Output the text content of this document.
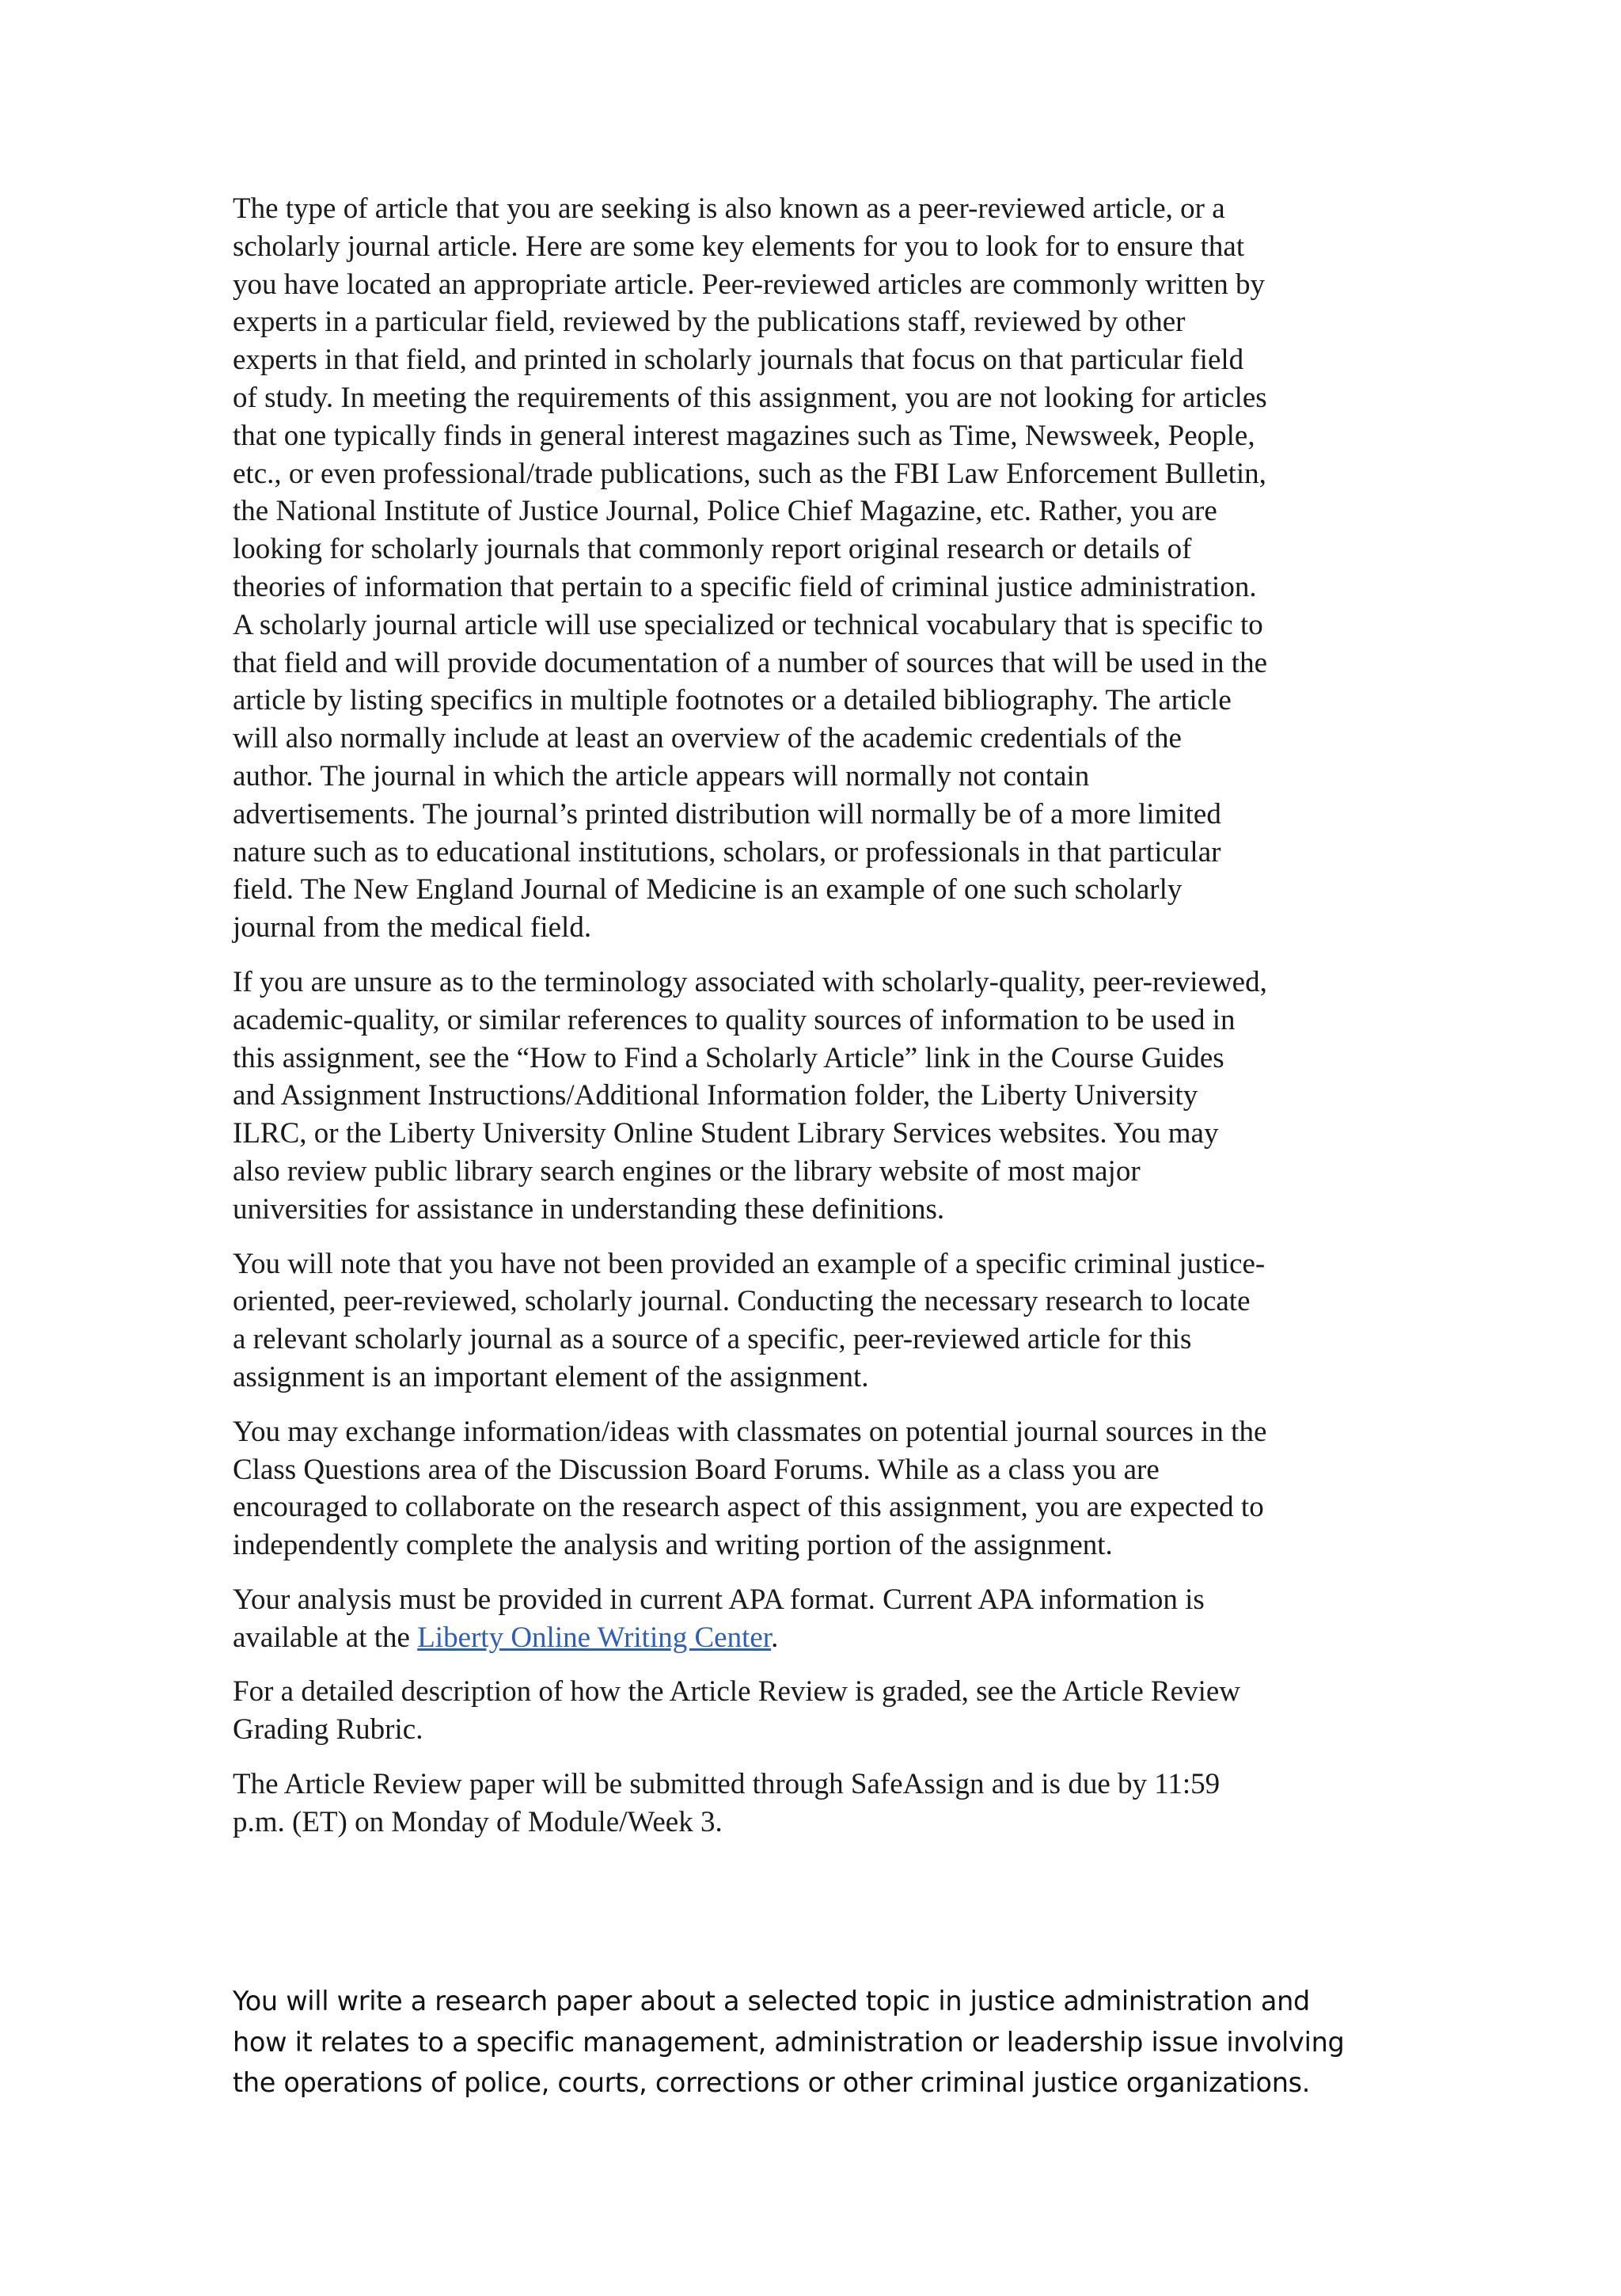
The type of article that you are seeking is also known as a peer-reviewed article, or a
scholarly journal article. Here are some key elements for you to look for to ensure that
you have located an appropriate article. Peer-reviewed articles are commonly written by
experts in a particular field, reviewed by the publications staff, reviewed by other
experts in that field, and printed in scholarly journals that focus on that particular field
of study. In meeting the requirements of this assignment, you are not looking for articles
that one typically finds in general interest magazines such as Time, Newsweek, People,
etc., or even professional/trade publications, such as the FBI Law Enforcement Bulletin,
the National Institute of Justice Journal, Police Chief Magazine, etc. Rather, you are
looking for scholarly journals that commonly report original research or details of
theories of information that pertain to a specific field of criminal justice administration.
A scholarly journal article will use specialized or technical vocabulary that is specific to
that field and will provide documentation of a number of sources that will be used in the
article by listing specifics in multiple footnotes or a detailed bibliography. The article
will also normally include at least an overview of the academic credentials of the
author. The journal in which the article appears will normally not contain
advertisements. The journal’s printed distribution will normally be of a more limited
nature such as to educational institutions, scholars, or professionals in that particular
field. The New England Journal of Medicine is an example of one such scholarly
journal from the medical field.

If you are unsure as to the terminology associated with scholarly-quality, peer-reviewed,
academic-quality, or similar references to quality sources of information to be used in
this assignment, see the “How to Find a Scholarly Article” link in the Course Guides
and Assignment Instructions/Additional Information folder, the Liberty University
ILRC, or the Liberty University Online Student Library Services websites. You may
also review public library search engines or the library website of most major
universities for assistance in understanding these definitions.

You will note that you have not been provided an example of a specific criminal justice-
oriented, peer-reviewed, scholarly journal. Conducting the necessary research to locate
a relevant scholarly journal as a source of a specific, peer-reviewed article for this
assignment is an important element of the assignment.

You may exchange information/ideas with classmates on potential journal sources in the
Class Questions area of the Discussion Board Forums. While as a class you are
encouraged to collaborate on the research aspect of this assignment, you are expected to
independently complete the analysis and writing portion of the assignment.

Your analysis must be provided in current APA format. Current APA information is
available at the Liberty Online Writing Center.

For a detailed description of how the Article Review is graded, see the Article Review
Grading Rubric.

The Article Review paper will be submitted through SafeAssign and is due by 11:59
p.m. (ET) on Monday of Module/Week 3.

You will write a research paper about a selected topic in justice administration and
how it relates to a specific management, administration or leadership issue involving
the operations of police, courts, corrections or other criminal justice organizations.
